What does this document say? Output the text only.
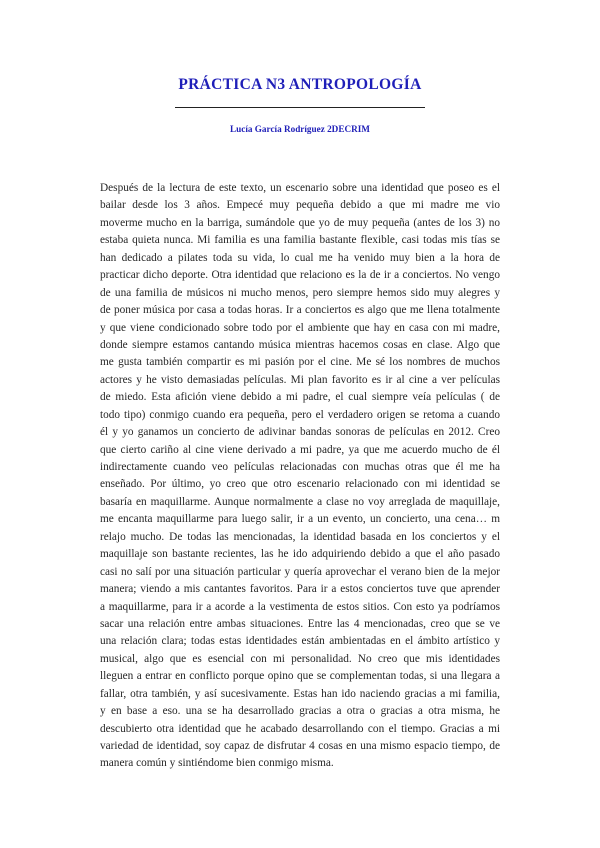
PRÁCTICA N3 ANTROPOLOGÍA
Lucía García Rodríguez 2DECRIM
Después de la lectura de este texto, un escenario sobre una identidad que poseo es el
bailar desde los 3 años. Empecé muy pequeña debido a que mi madre me vio
moverme mucho en la barriga, sumándole que yo de muy pequeña (antes de los 3) no
estaba quieta nunca. Mi familia es una familia bastante flexible, casi todas mis tías se
han dedicado a pilates toda su vida, lo cual me ha venido muy bien a la hora de
practicar dicho deporte. Otra identidad que relaciono es la de ir a conciertos. No vengo
de una familia de músicos ni mucho menos, pero siempre hemos sido muy alegres y
de poner música por casa a todas horas. Ir a conciertos es algo que me llena totalmente
y que viene condicionado sobre todo por el ambiente que hay en casa con mi madre,
donde siempre estamos cantando música mientras hacemos cosas en clase. Algo que
me gusta también compartir es mi pasión por el cine. Me sé los nombres de muchos
actores y he visto demasiadas películas. Mi plan favorito es ir al cine a ver películas
de miedo. Esta afición viene debido a mi padre, el cual siempre veía películas ( de
todo tipo) conmigo cuando era pequeña, pero el verdadero origen se retoma a cuando
él y yo ganamos un concierto de adivinar bandas sonoras de películas en 2012. Creo
que cierto cariño al cine viene derivado a mi padre, ya que me acuerdo mucho de él
indirectamente cuando veo películas relacionadas con muchas otras que él me ha
enseñado. Por último, yo creo que otro escenario relacionado con mi identidad se
basaría en maquillarme. Aunque normalmente a clase no voy arreglada de maquillaje,
me encanta maquillarme para luego salir, ir a un evento, un concierto, una cena… m
relajo mucho. De todas las mencionadas, la identidad basada en los conciertos y el
maquillaje son bastante recientes, las he ido adquiriendo debido a que el año pasado
casi no salí por una situación particular y quería aprovechar el verano bien de la mejor
manera; viendo a mis cantantes favoritos. Para ir a estos conciertos tuve que aprender
a maquillarme, para ir a acorde a la vestimenta de estos sitios. Con esto ya podríamos
sacar una relación entre ambas situaciones. Entre las 4 mencionadas, creo que se ve
una relación clara; todas estas identidades están ambientadas en el ámbito artístico y
musical, algo que es esencial con mi personalidad. No creo que mis identidades
lleguen a entrar en conflicto porque opino que se complementan todas, si una llegara a
fallar, otra también, y así sucesivamente. Estas han ido naciendo gracias a mi familia,
y en base a eso. una se ha desarrollado gracias a otra o gracias a otra misma, he
descubierto otra identidad que he acabado desarrollando con el tiempo. Gracias a mi
variedad de identidad, soy capaz de disfrutar 4 cosas en una mismo espacio tiempo, de
manera común y sintiéndome bien conmigo misma.
